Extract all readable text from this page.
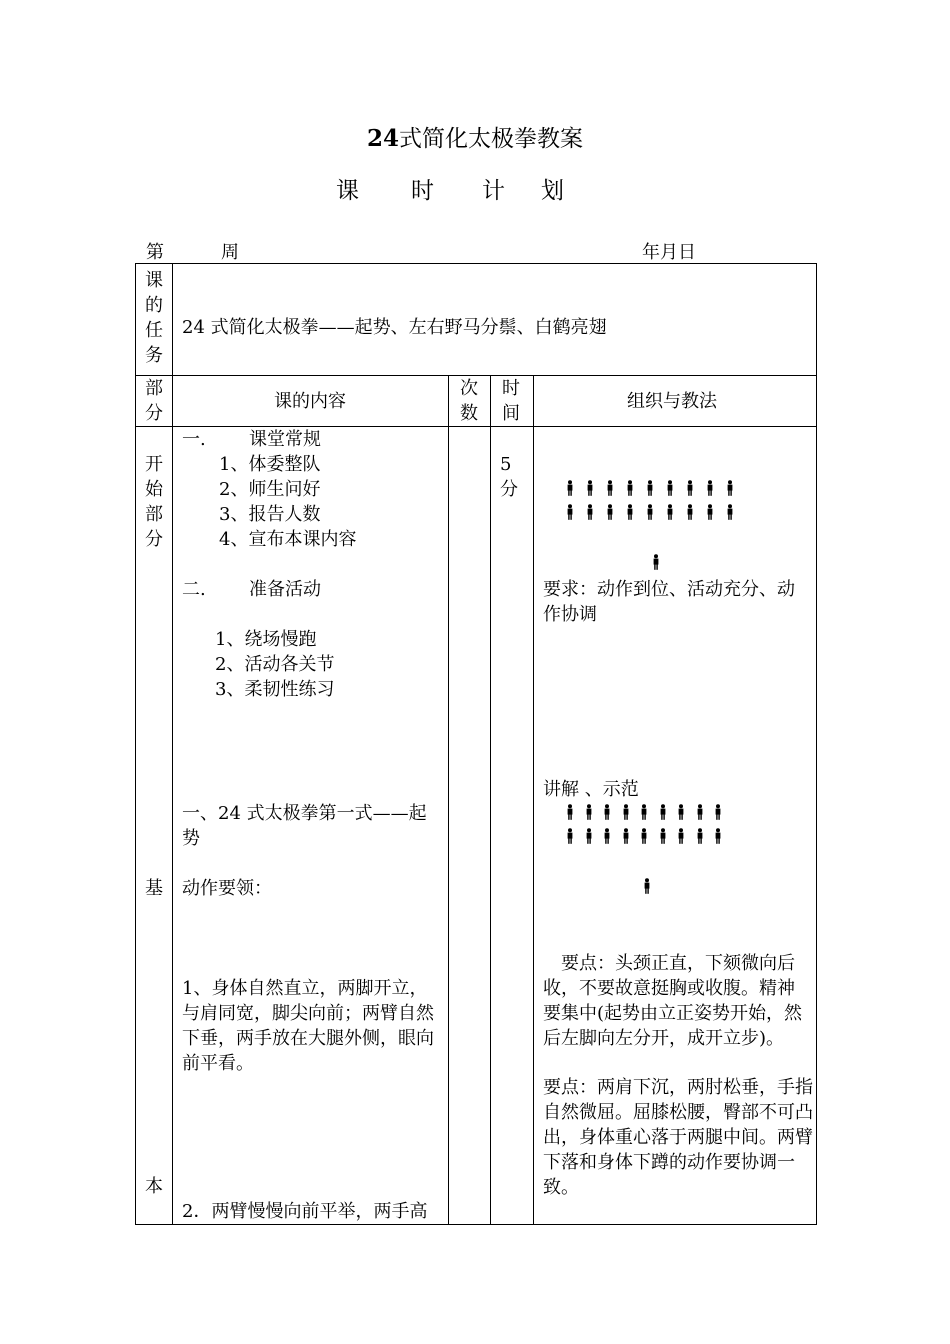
24式简化太极拳教案
课 时 计 划
第	周	年月日
课
的
任
务
24 式简化太极拳——起势、左右野马分鬃、白鹤亮翅
部
分
课的内容
次
数
时
间
组织与教法
开
始
部
分
基
本
一. 课堂常规
1、体委整队
2、师生问好
3、报告人数
4、宣布本课内容
二. 准备活动
1、绕场慢跑
2、活动各关节
3、柔韧性练习
一、24 式太极拳第一式——起势
动作要领：
1、身体自然直立，两脚开立，与肩同宽，脚尖向前；两臂自然下垂，两手放在大腿外侧，眼向前平看。
2．两臂慢慢向前平举，两手高
5
分
要求：动作到位、活动充分、动作协调
讲解 、示范
要点：头颈正直，下颏微向后收，不要故意挺胸或收腹。精神要集中(起势由立正姿势开始，然后左脚向左分开，成开立步)。
要点：两肩下沉，两肘松垂，手指自然微屈。屈膝松腰，臀部不可凸出，身体重心落于两腿中间。两臂下落和身体下蹲的动作要协调一致。
